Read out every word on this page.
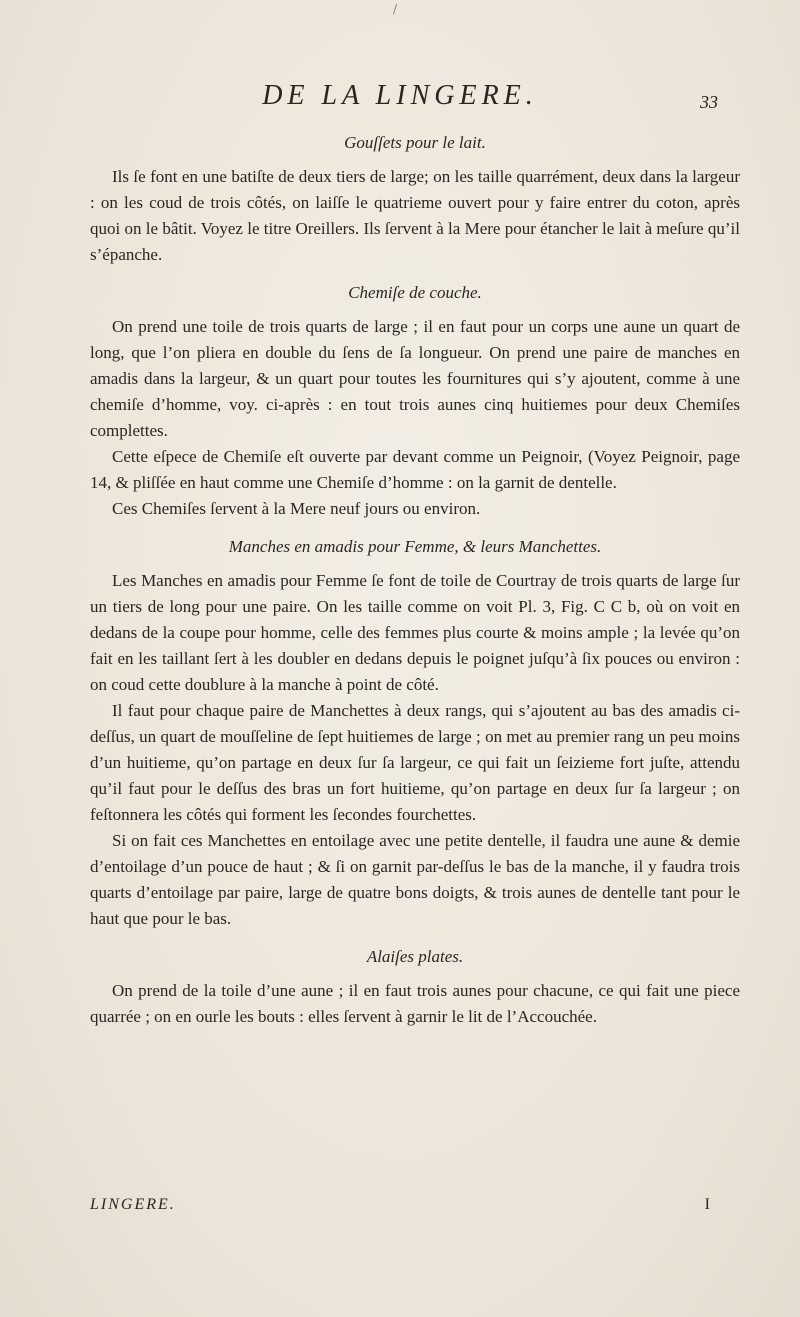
/
DE LA LINGERE.	33
Gouſſets pour le lait.

Ils ſe font en une batiſte de deux tiers de large; on les taille quarrément, deux dans la largeur : on les coud de trois côtés, on laiſſe le quatrieme ouvert pour y faire entrer du coton, après quoi on le bâtit. Voyez le titre Oreillers. Ils ſervent à la Mere pour étancher le lait à meſure qu’il s’épanche.

Chemiſe de couche.

On prend une toile de trois quarts de large ; il en faut pour un corps une aune un quart de long, que l’on pliera en double du ſens de ſa longueur. On prend une paire de manches en amadis dans la largeur, & un quart pour toutes les fournitures qui s’y ajoutent, comme à une chemiſe d’homme, voy. ci-après : en tout trois aunes cinq huitiemes pour deux Chemiſes complettes.

Cette eſpece de Chemiſe eſt ouverte par devant comme un Peignoir, (Voyez Peignoir, page 14, & pliſſée en haut comme une Chemiſe d’homme : on la garnit de dentelle.

Ces Chemiſes ſervent à la Mere neuf jours ou environ.

Manches en amadis pour Femme, & leurs Manchettes.

Les Manches en amadis pour Femme ſe font de toile de Courtray de trois quarts de large ſur un tiers de long pour une paire. On les taille comme on voit Pl. 3, Fig. C C b, où on voit en dedans de la coupe pour homme, celle des femmes plus courte & moins ample ; la levée qu’on fait en les taillant ſert à les doubler en dedans depuis le poignet juſqu’à ſix pouces ou environ : on coud cette doublure à la manche à point de côté.

Il faut pour chaque paire de Manchettes à deux rangs, qui s’ajoutent au bas des amadis ci-deſſus, un quart de mouſſeline de ſept huitiemes de large ; on met au premier rang un peu moins d’un huitieme, qu’on partage en deux ſur ſa largeur, ce qui fait un ſeizieme fort juſte, attendu qu’il faut pour le deſſus des bras un fort huitieme, qu’on partage en deux ſur ſa largeur ; on feſtonnera les côtés qui forment les ſecondes fourchettes.

Si on fait ces Manchettes en entoilage avec une petite dentelle, il faudra une aune & demie d’entoilage d’un pouce de haut ; & ſi on garnit par-deſſus le bas de la manche, il y faudra trois quarts d’entoilage par paire, large de quatre bons doigts, & trois aunes de dentelle tant pour le haut que pour le bas.

Alaiſes plates.

On prend de la toile d’une aune ; il en faut trois aunes pour chacune, ce qui fait une piece quarrée ; on en ourle les bouts : elles ſervent à garnir le lit de l’Accouchée.

LINGERE.	I
